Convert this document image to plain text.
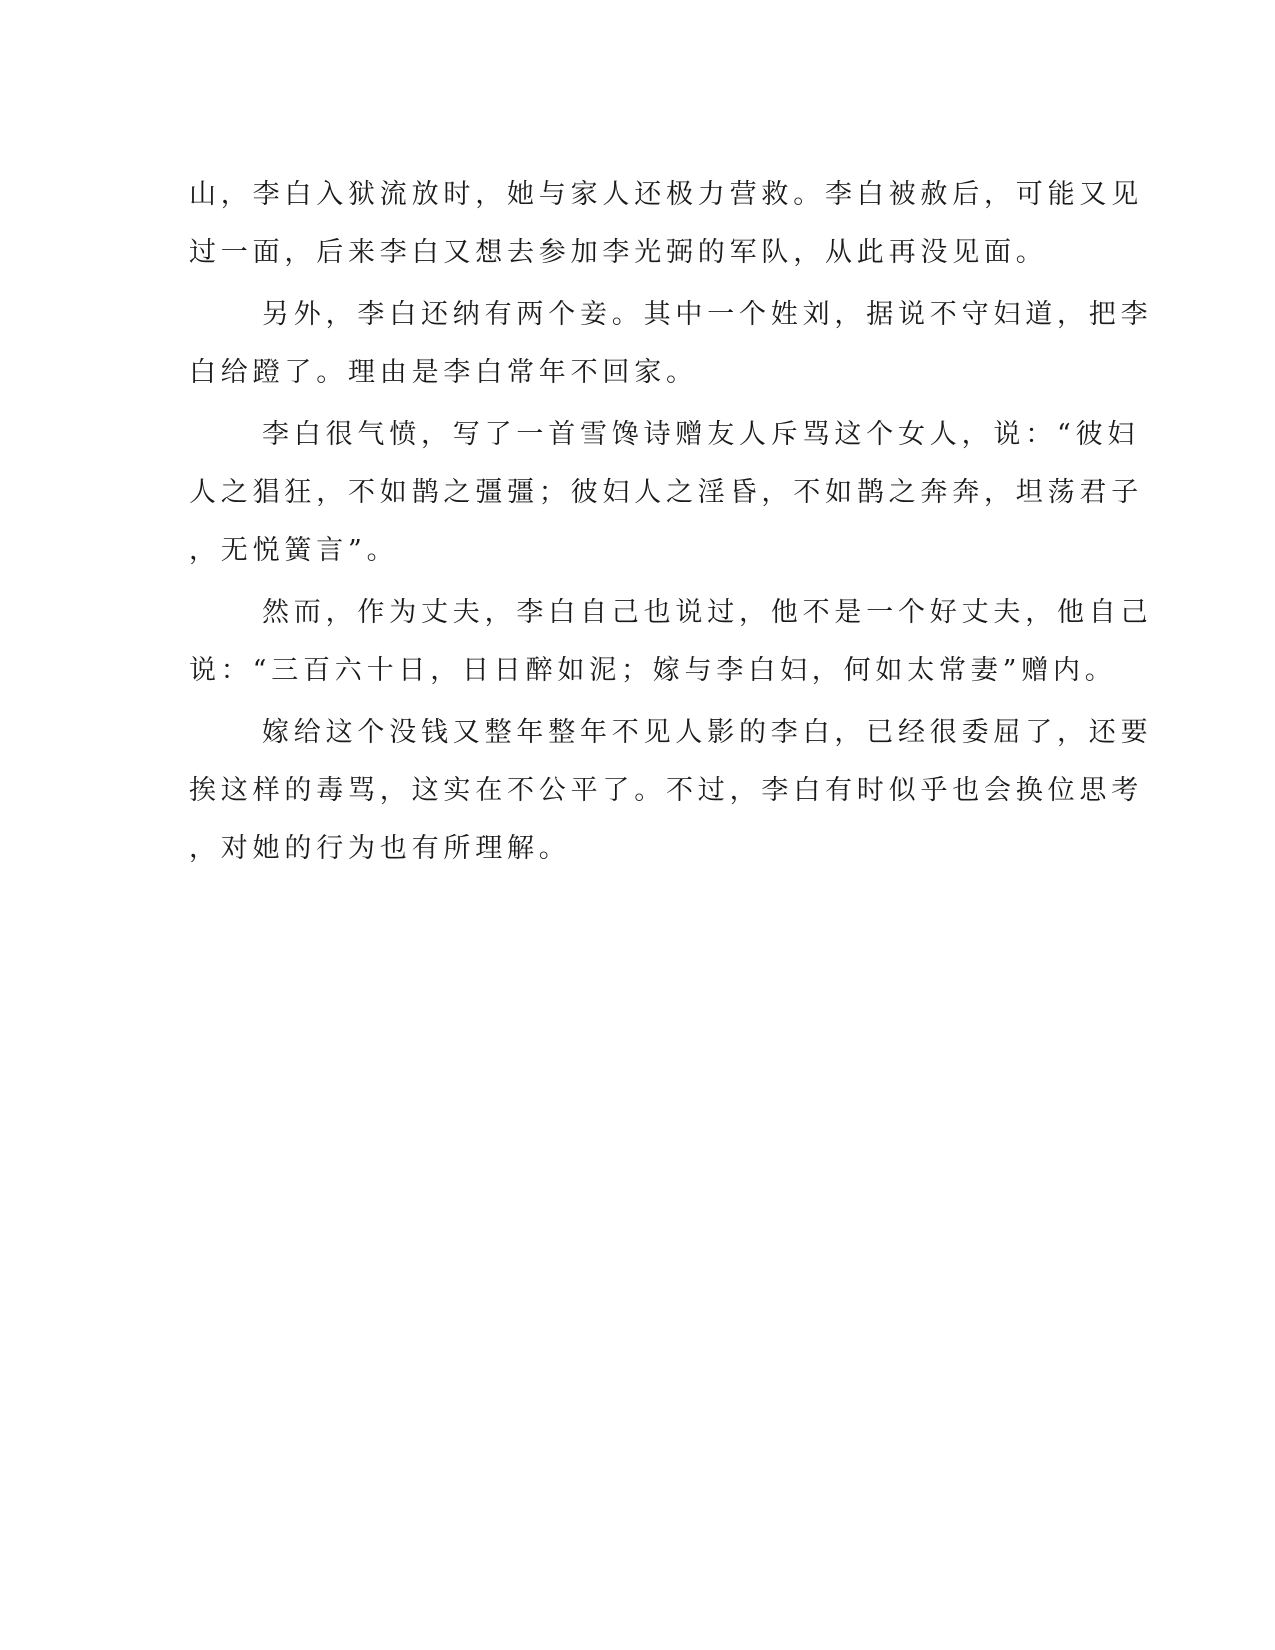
山，李白入狱流放时，她与家人还极力营救。李白被赦后，可能又见
过一面，后来李白又想去参加李光弼的军队，从此再没见面。
另外，李白还纳有两个妾。其中一个姓刘，据说不守妇道，把李
白给蹬了。理由是李白常年不回家。
李白很气愤，写了一首雪馋诗赠友人斥骂这个女人，说：“彼妇
人之猖狂，不如鹊之彊彊；彼妇人之淫昏，不如鹊之奔奔，坦荡君子
，无悦簧言”。
然而，作为丈夫，李白自己也说过，他不是一个好丈夫，他自己
说：“三百六十日，日日醉如泥；嫁与李白妇，何如太常妻”赠内。
嫁给这个没钱又整年整年不见人影的李白，已经很委屈了，还要
挨这样的毒骂，这实在不公平了。不过，李白有时似乎也会换位思考
，对她的行为也有所理解。
